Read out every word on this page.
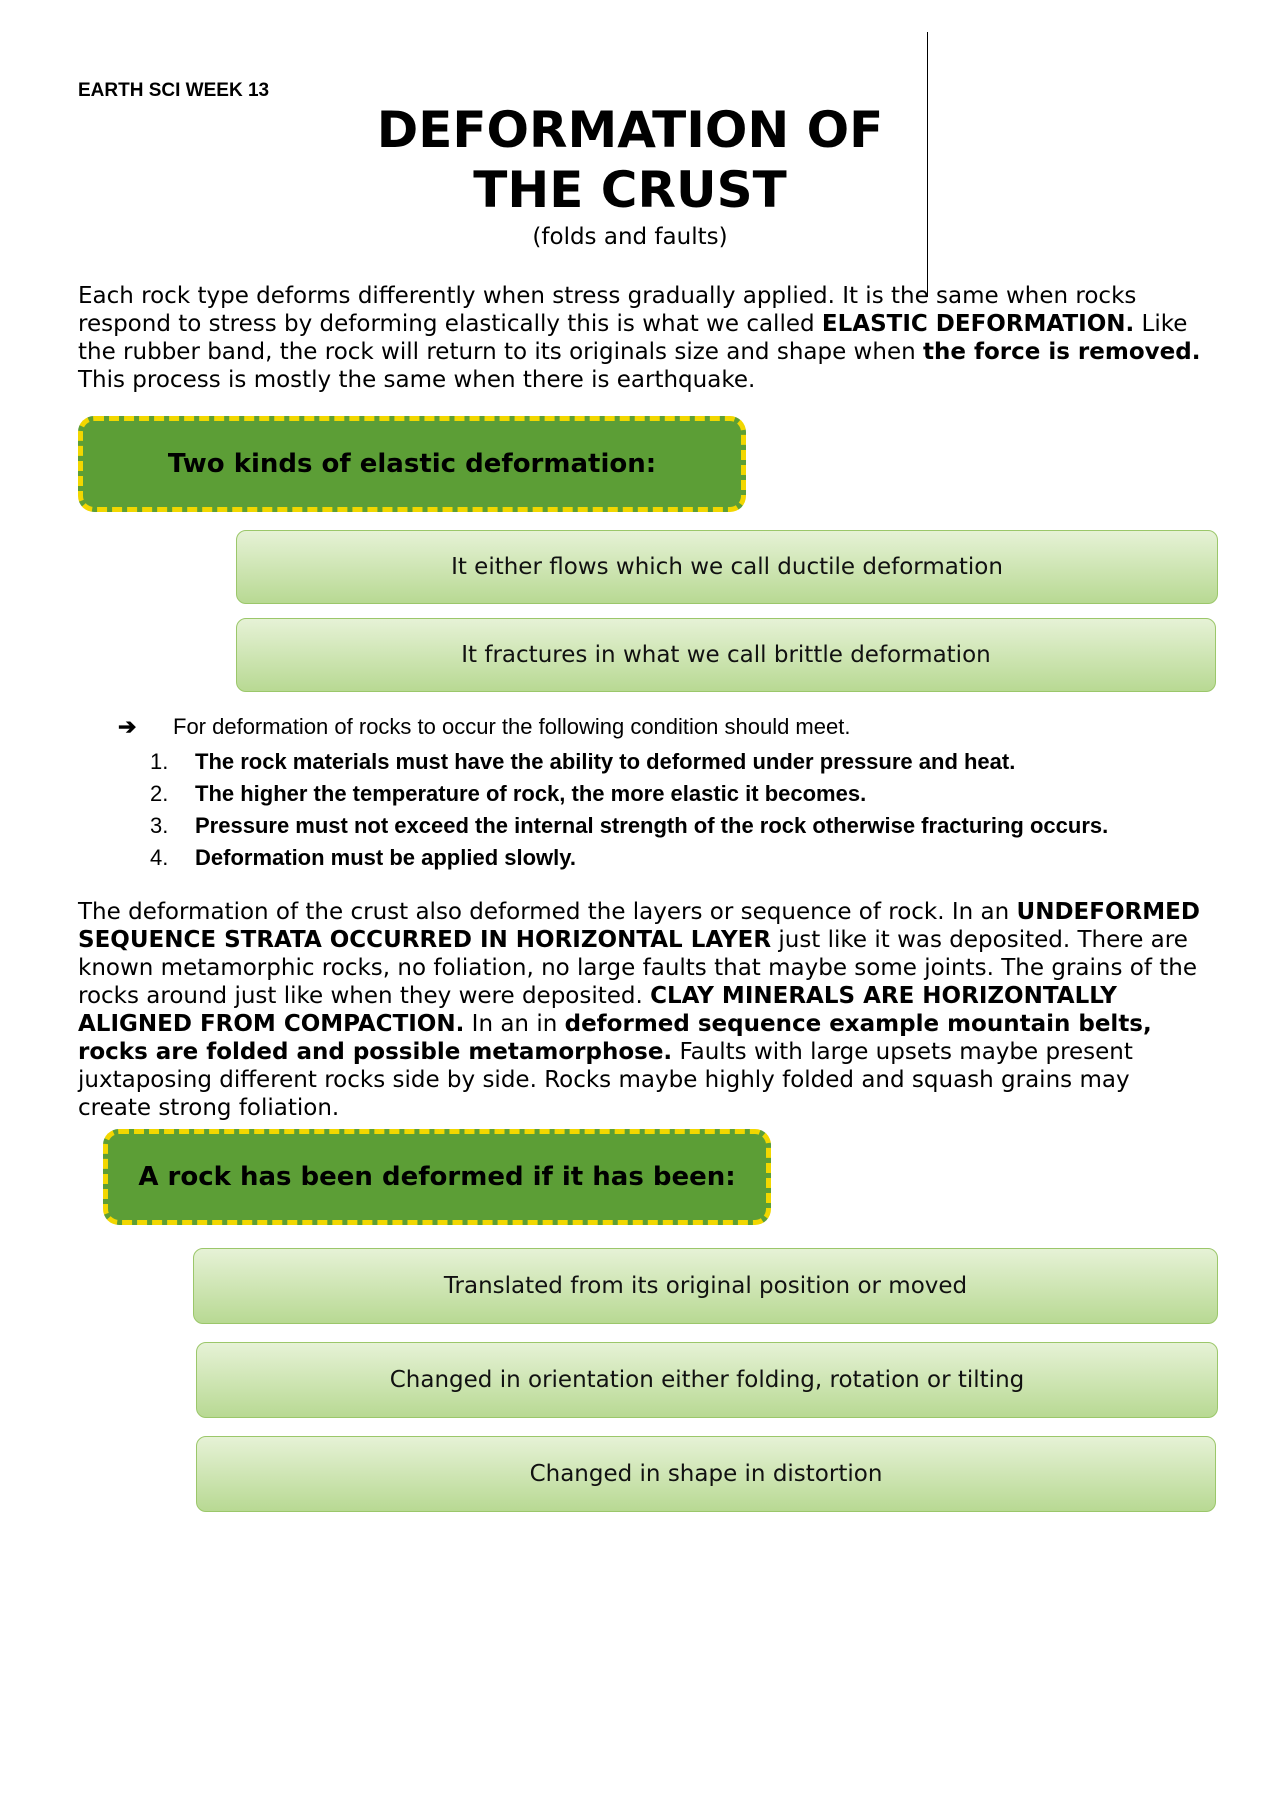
EARTH SCI WEEK 13
DEFORMATION OF
THE CRUST
(folds and faults)

Each rock type deforms differently when stress gradually applied. It is the same when rocks respond to stress by deforming elastically this is what we called ELASTIC DEFORMATION. Like the rubber band, the rock will return to its originals size and shape when the force is removed. This process is mostly the same when there is earthquake.

Two kinds of elastic deformation:
It either flows which we call ductile deformation
It fractures in what we call brittle deformation
➔ For deformation of rocks to occur the following condition should meet.
1. The rock materials must have the ability to deformed under pressure and heat.
2. The higher the temperature of rock, the more elastic it becomes.
3. Pressure must not exceed the internal strength of the rock otherwise fracturing occurs.
4. Deformation must be applied slowly.

The deformation of the crust also deformed the layers or sequence of rock. In an UNDEFORMED SEQUENCE STRATA OCCURRED IN HORIZONTAL LAYER just like it was deposited. There are known metamorphic rocks, no foliation, no large faults that maybe some joints. The grains of the rocks around just like when they were deposited. CLAY MINERALS ARE HORIZONTALLY ALIGNED FROM COMPACTION. In an in deformed sequence example mountain belts, rocks are folded and possible metamorphose. Faults with large upsets maybe present juxtaposing different rocks side by side. Rocks maybe highly folded and squash grains may create strong foliation.

A rock has been deformed if it has been:
Translated from its original position or moved
Changed in orientation either folding, rotation or tilting
Changed in shape in distortion
